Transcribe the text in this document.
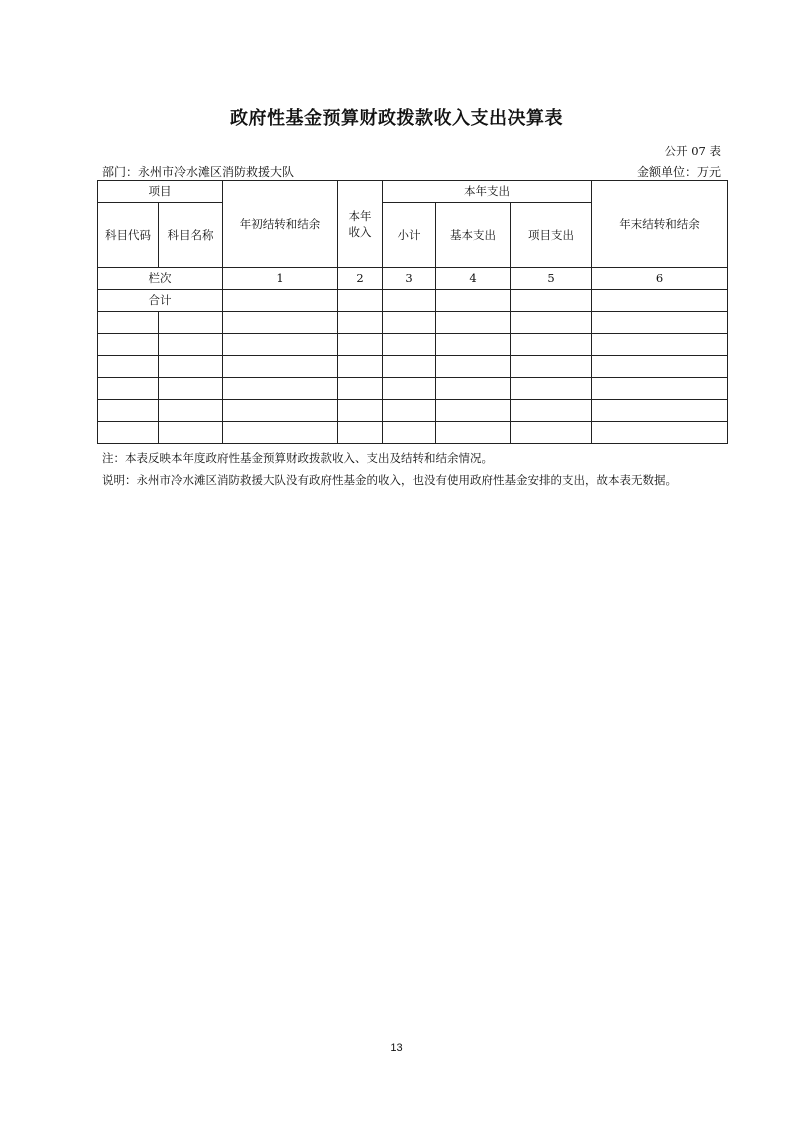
政府性基金预算财政拨款收入支出决算表
公开 07 表
部门：永州市冷水滩区消防救援大队	金额单位：万元
项目		年初结转和结余	本年收入	本年支出			年末结转和结余

科目代码	科目名称			小计	基本支出	项目支出	
栏次		1	2	3	4	5	6
合计							

注：本表反映本年度政府性基金预算财政拨款收入、支出及结转和结余情况。
说明：永州市冷水滩区消防救援大队没有政府性基金的收入，也没有使用政府性基金安排的支出，故本表无数据。
13
